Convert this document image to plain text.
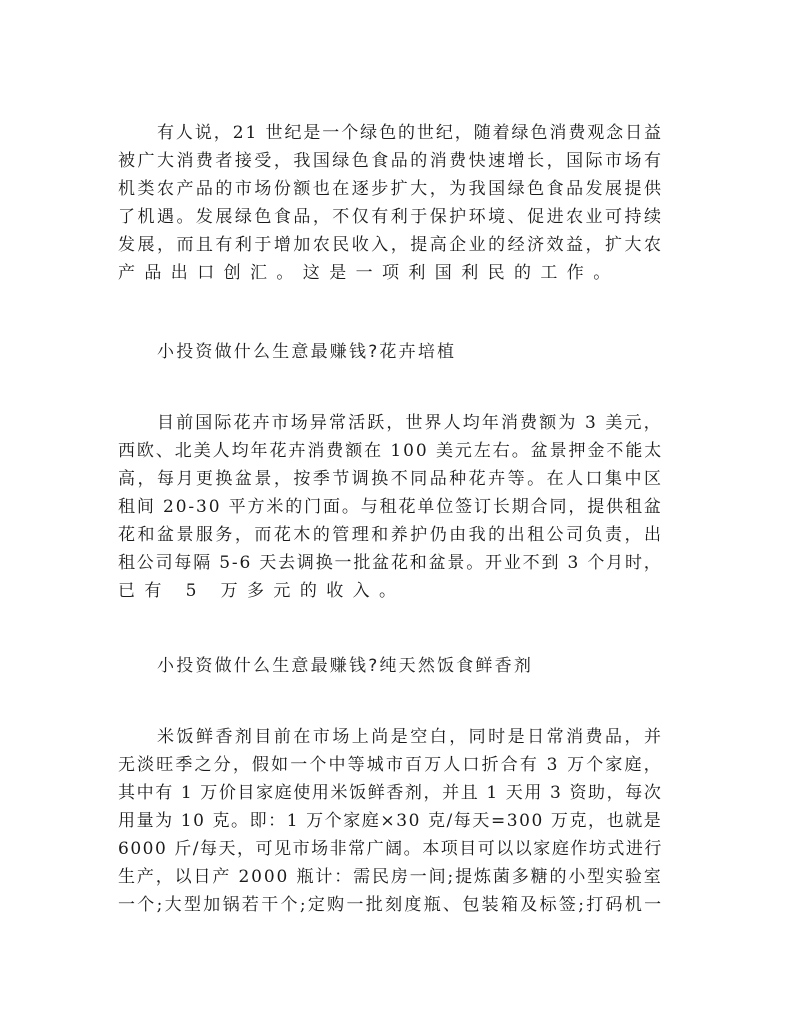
有人说，21 世纪是一个绿色的世纪，随着绿色消费观念日益
被广大消费者接受，我国绿色食品的消费快速增长，国际市场有
机类农产品的市场份额也在逐步扩大，为我国绿色食品发展提供
了机遇。发展绿色食品，不仅有利于保护环境、促进农业可持续
发展，而且有利于增加农民收入，提高企业的经济效益，扩大农
产品出口创汇。这是一项利国利民的工作。
小投资做什么生意最赚钱?花卉培植
目前国际花卉市场异常活跃，世界人均年消费额为 3 美元，
西欧、北美人均年花卉消费额在 100 美元左右。盆景押金不能太
高，每月更换盆景，按季节调换不同品种花卉等。在人口集中区
租间 20-30 平方米的门面。与租花单位签订长期合同，提供租盆
花和盆景服务，而花木的管理和养护仍由我的出租公司负责，出
租公司每隔 5-6 天去调换一批盆花和盆景。开业不到 3 个月时，
已有 5 万多元的收入。
小投资做什么生意最赚钱?纯天然饭食鲜香剂
米饭鲜香剂目前在市场上尚是空白，同时是日常消费品，并
无淡旺季之分，假如一个中等城市百万人口折合有 3 万个家庭，
其中有 1 万价目家庭使用米饭鲜香剂，并且 1 天用 3 资助，每次
用量为 10 克。即：1 万个家庭×30 克/每天=300 万克，也就是
6000 斤/每天，可见市场非常广阔。本项目可以以家庭作坊式进行
生产，以日产 2000 瓶计：需民房一间;提炼菌多糖的小型实验室
一个;大型加锅若干个;定购一批刻度瓶、包装箱及标签;打码机一
